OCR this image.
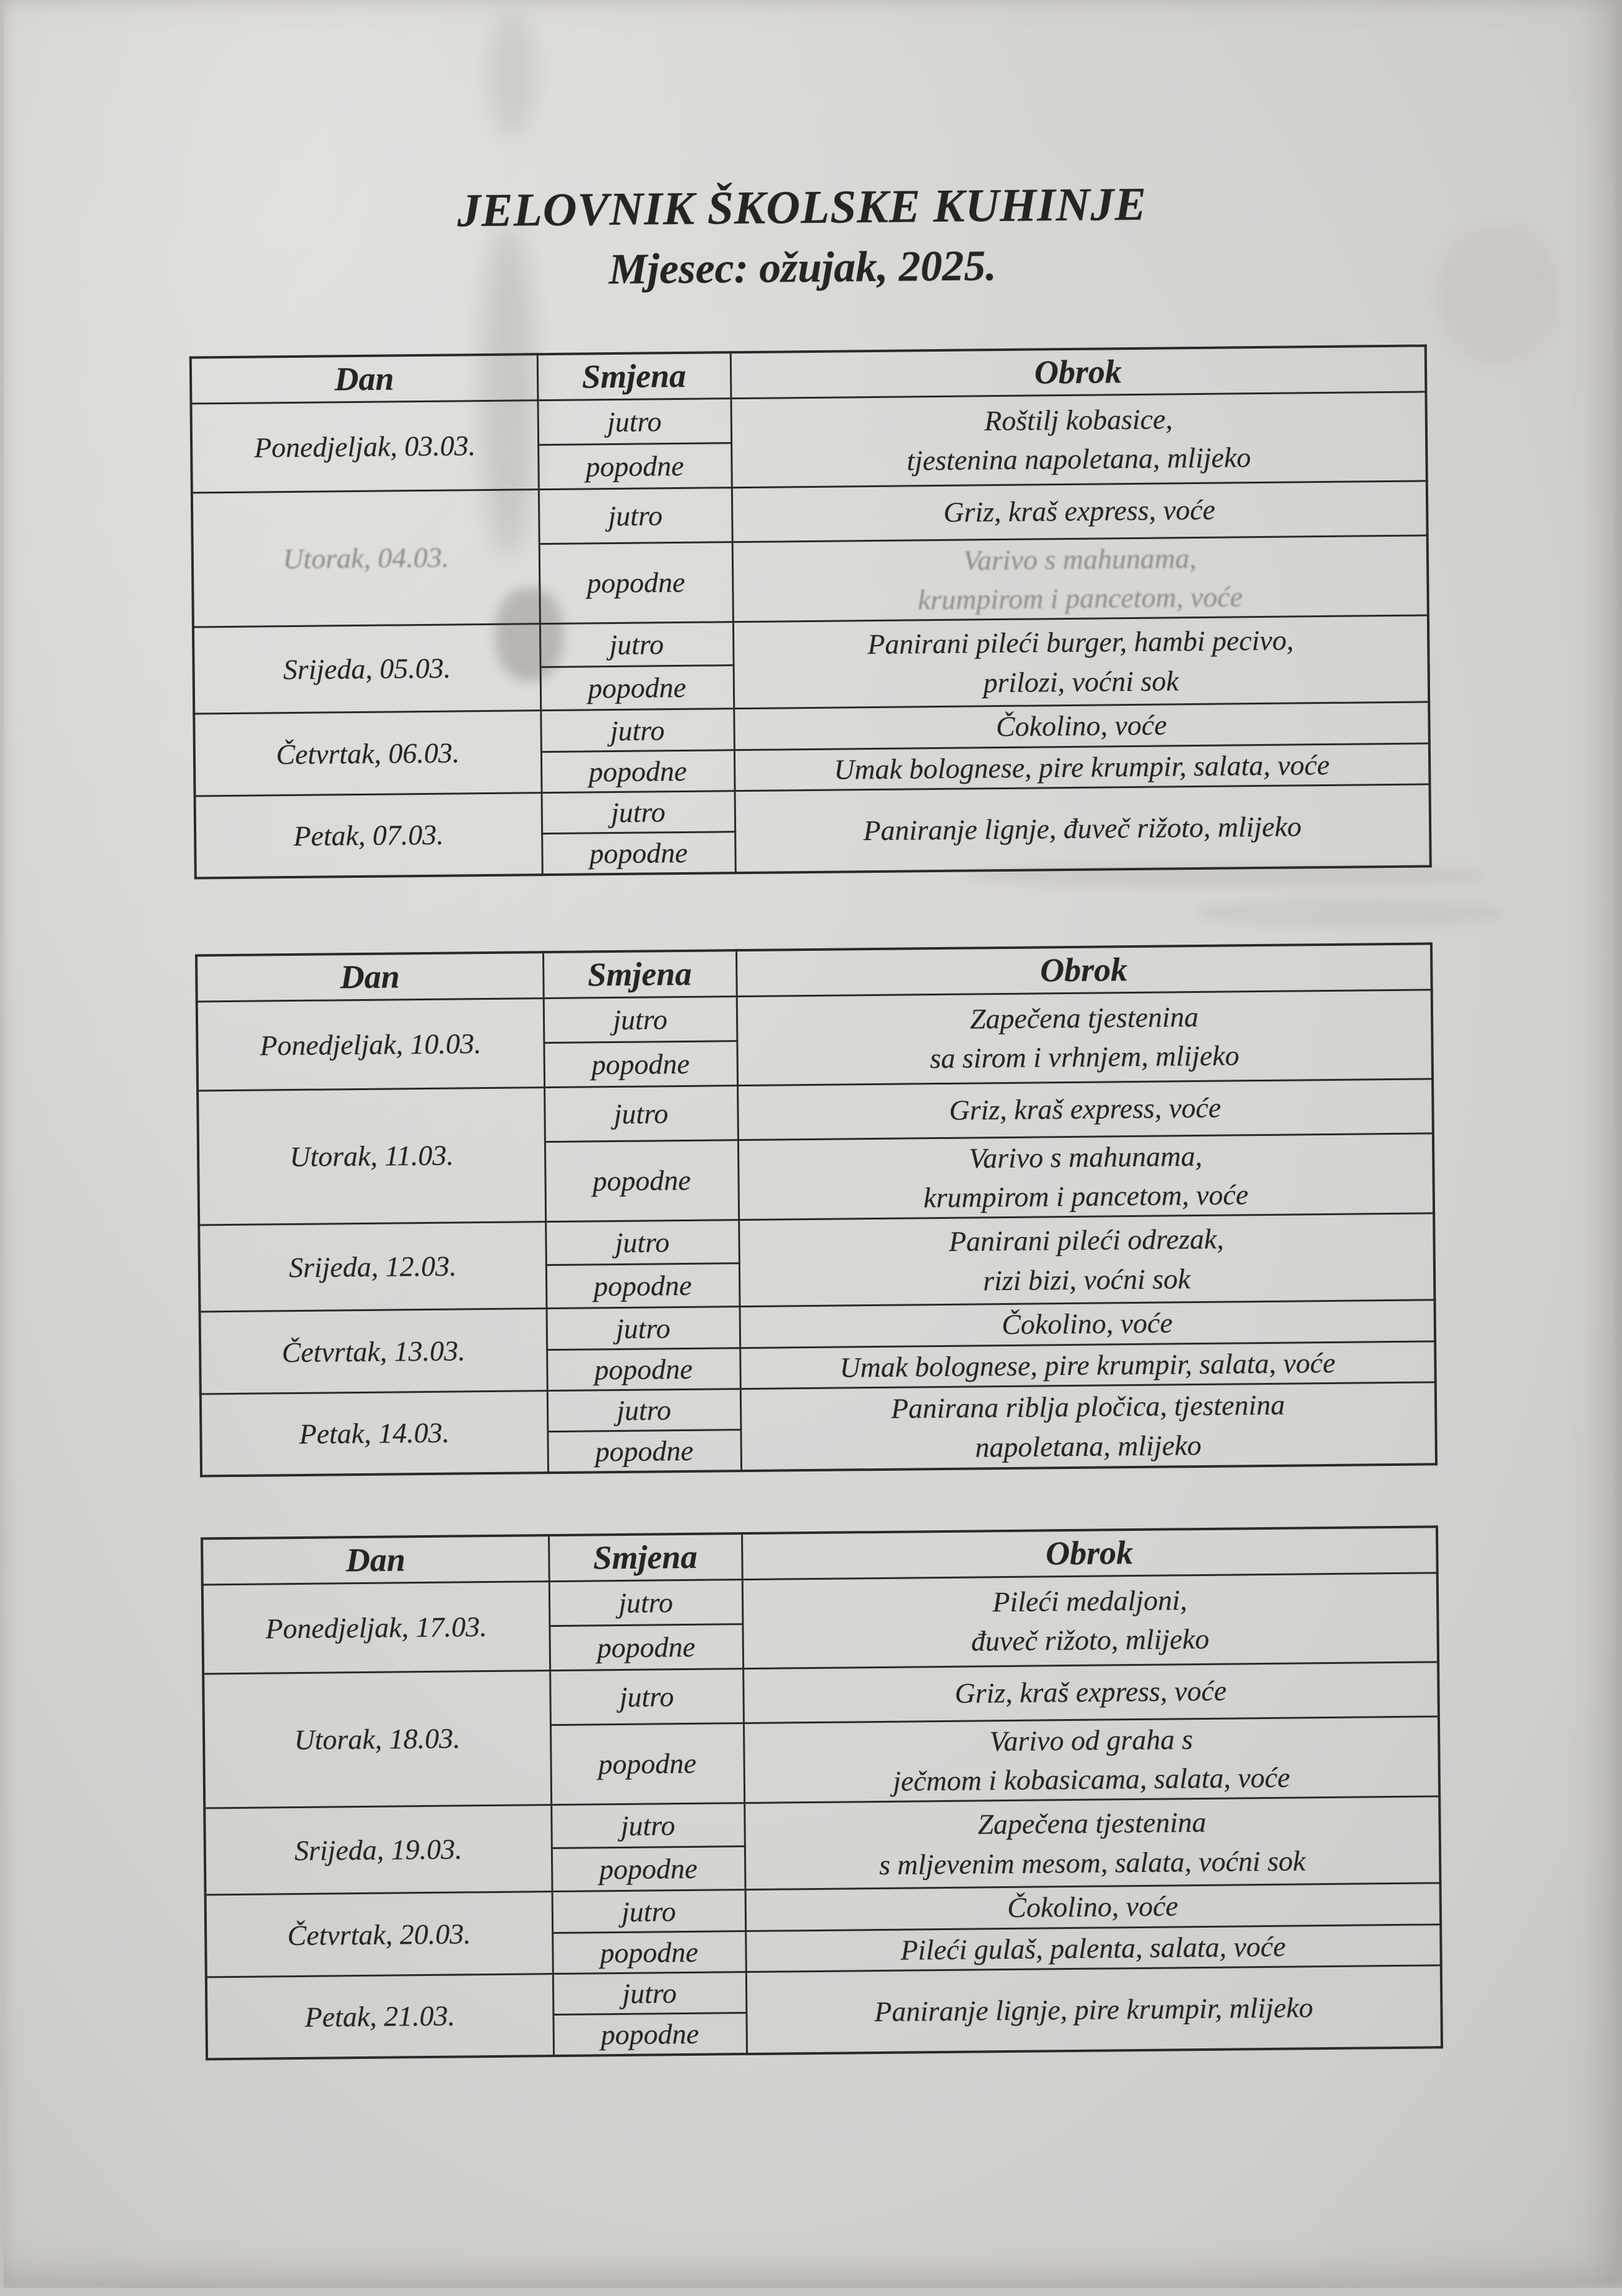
JELOVNIK ŠKOLSKE KUHINJE
Mjesec: ožujak, 2025.
Dan	Smjena	Obrok
Ponedjeljak, 03.03.	jutro	Roštilj kobasice,
tjestenina napoletana, mlijeko
	popodne	
Utorak, 04.03.	jutro	Griz, kraš express, voće
	popodne	Varivo s mahunama,
krumpirom i pancetom, voće
Srijeda, 05.03.	jutro	Panirani pileći burger, hambi pecivo,
prilozi, voćni sok
	popodne	
Četvrtak, 06.03.	jutro	Čokolino, voće
	popodne	Umak bolognese, pire krumpir, salata, voće
Petak, 07.03.	jutro	Paniranje lignje, đuveč rižoto, mlijeko
	popodne	
Dan	Smjena	Obrok
Ponedjeljak, 10.03.	jutro	Zapečena tjestenina
sa sirom i vrhnjem, mlijeko
	popodne	
Utorak, 11.03.	jutro	Griz, kraš express, voće
	popodne	Varivo s mahunama,
krumpirom i pancetom, voće
Srijeda, 12.03.	jutro	Panirani pileći odrezak,
rizi bizi, voćni sok
	popodne	
Četvrtak, 13.03.	jutro	Čokolino, voće
	popodne	Umak bolognese, pire krumpir, salata, voće
Petak, 14.03.	jutro	Panirana riblja pločica, tjestenina
napoletana, mlijeko
	popodne	
Dan	Smjena	Obrok
Ponedjeljak, 17.03.	jutro	Pileći medaljoni,
đuveč rižoto, mlijeko
	popodne	
Utorak, 18.03.	jutro	Griz, kraš express, voće
	popodne	Varivo od graha s
ječmom i kobasicama, salata, voće
Srijeda, 19.03.	jutro	Zapečena tjestenina
s mljevenim mesom, salata, voćni sok
	popodne	
Četvrtak, 20.03.	jutro	Čokolino, voće
	popodne	Pileći gulaš, palenta, salata, voće
Petak, 21.03.	jutro	Paniranje lignje, pire krumpir, mlijeko
	popodne	
